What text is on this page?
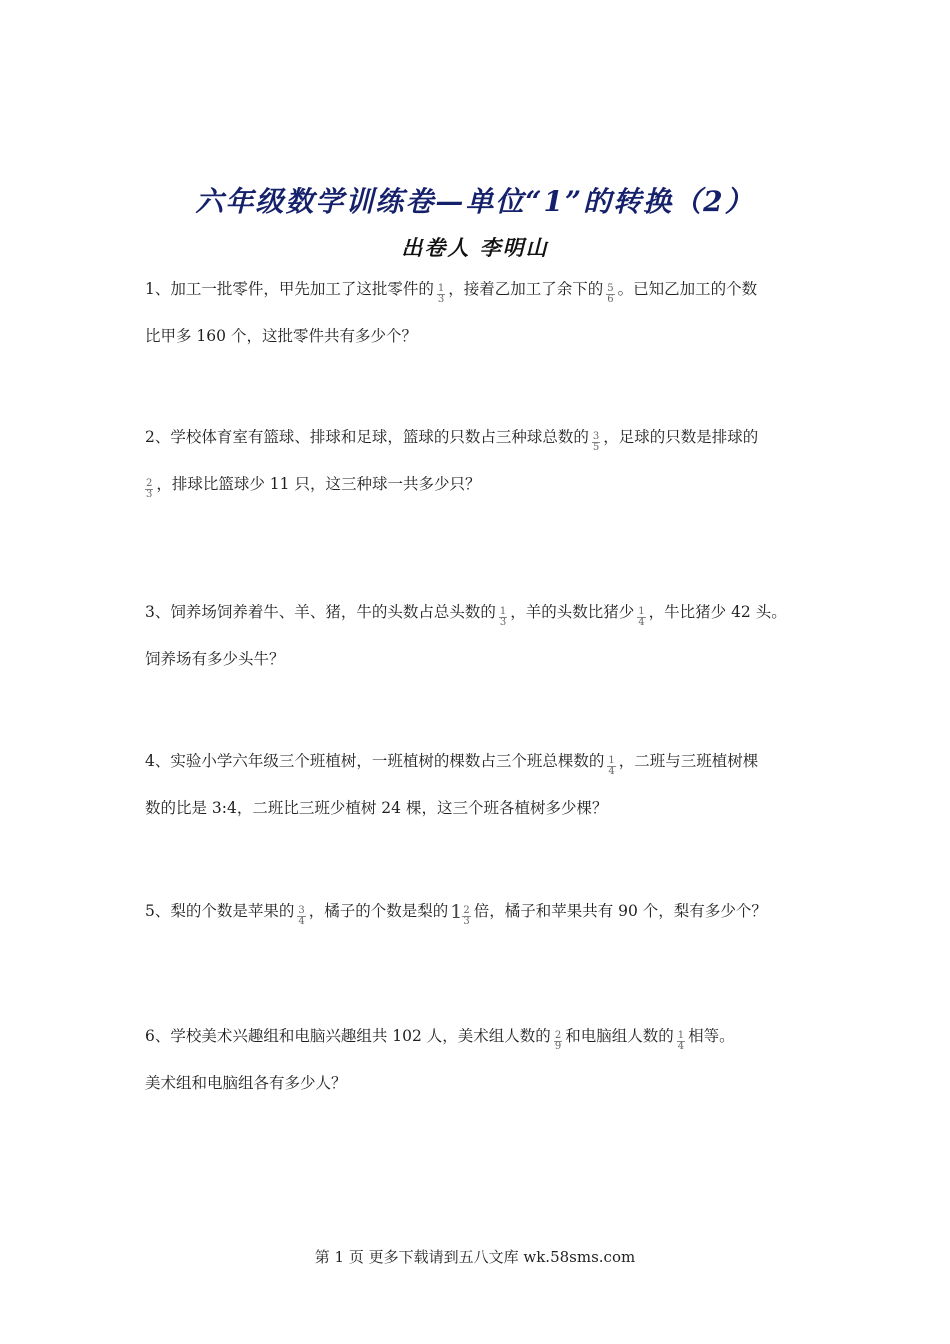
六年级数学训练卷—单位“1”的转换（2）
出卷人 李明山
1、加工一批零件，甲先加工了这批零件的 $\frac{1}{3}$ ，接着乙加工了余下的 $\frac{5}{6}$ 。已知乙加工的个数
比甲多 160 个，这批零件共有多少个？
2、学校体育室有篮球、排球和足球，篮球的只数占三种球总数的 $\frac{3}{5}$ ，足球的只数是排球的
$\frac{2}{3}$ ，排球比篮球少 11 只，这三种球一共多少只？
3、饲养场饲养着牛、羊、猪，牛的头数占总头数的 $\frac{1}{3}$ ，羊的头数比猪少 $\frac{1}{4}$ ，牛比猪少 42 头。
饲养场有多少头牛？
4、实验小学六年级三个班植树，一班植树的棵数占三个班总棵数的 $\frac{1}{4}$ ，二班与三班植树棵
数的比是 3:4，二班比三班少植树 24 棵，这三个班各植树多少棵？
5、梨的个数是苹果的 $\frac{3}{4}$ ，橘子的个数是梨的 $1 \frac{2}{3}$ 倍，橘子和苹果共有 90 个，梨有多少个？
6、学校美术兴趣组和电脑兴趣组共 102 人，美术组人数的 $\frac{2}{9}$ 和电脑组人数的 $\frac{1}{4}$ 相等。
美术组和电脑组各有多少人？
第 1 页 更多下载请到五八文库 wk.58sms.com
